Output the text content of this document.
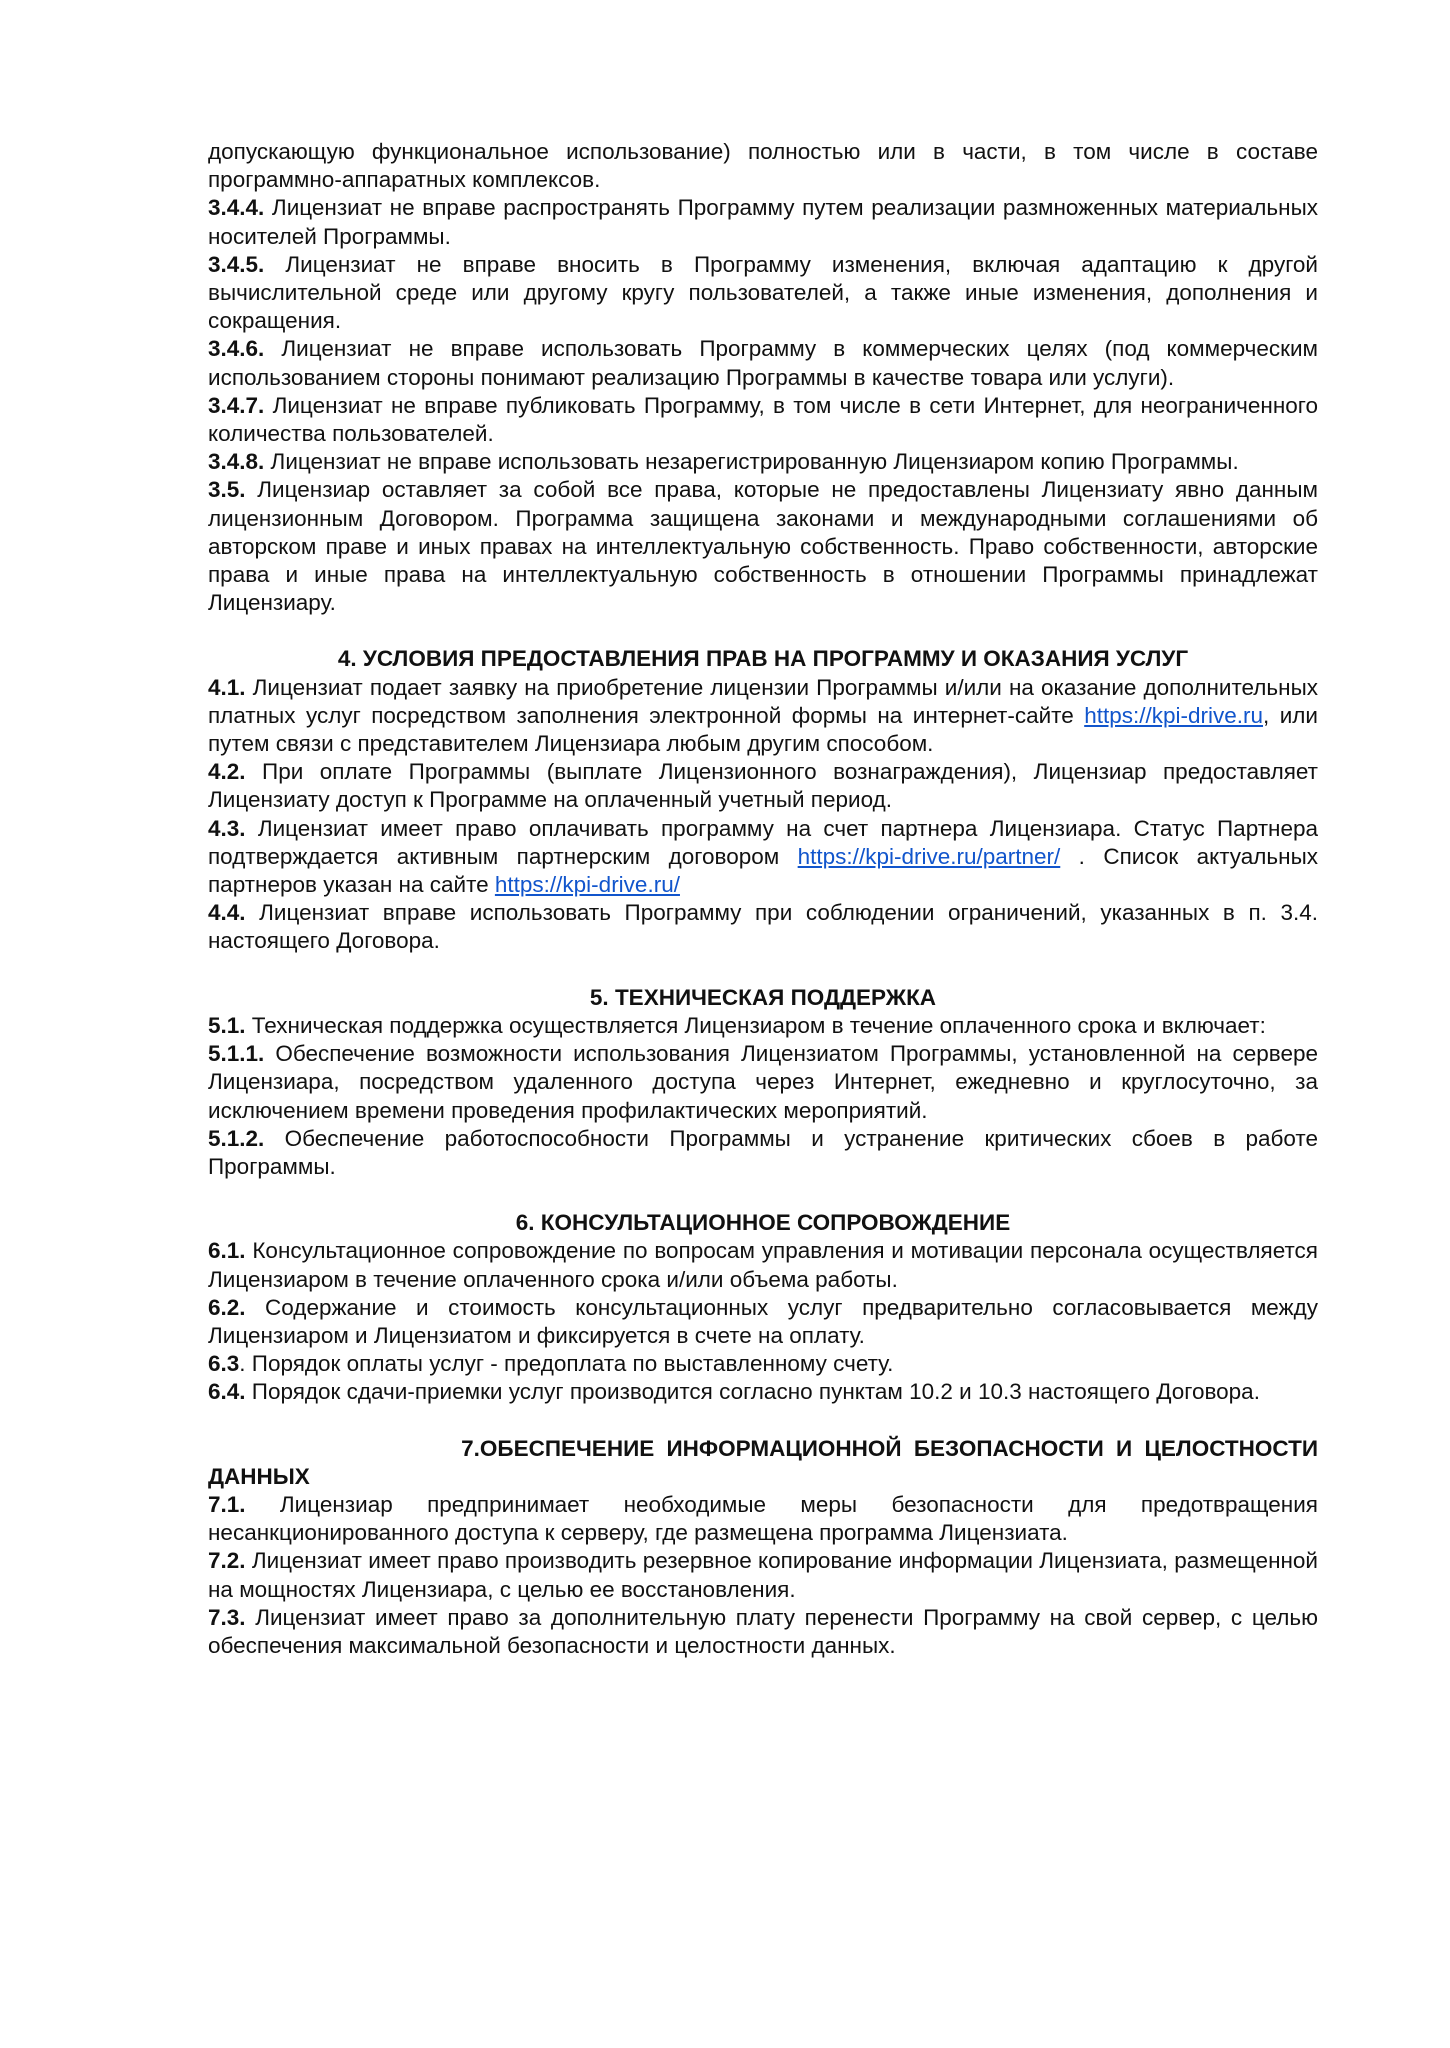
допускающую функциональное использование) полностью или в части, в том числе в составе программно-аппаратных комплексов.

3.4.4. Лицензиат не вправе распространять Программу путем реализации размноженных материальных носителей Программы.

3.4.5. Лицензиат не вправе вносить в Программу изменения, включая адаптацию к другой вычислительной среде или другому кругу пользователей, а также иные изменения, дополнения и сокращения.

3.4.6. Лицензиат не вправе использовать Программу в коммерческих целях (под коммерческим использованием стороны понимают реализацию Программы в качестве товара или услуги).

3.4.7. Лицензиат не вправе публиковать Программу, в том числе в сети Интернет, для неограниченного количества пользователей.

3.4.8. Лицензиат не вправе использовать незарегистрированную Лицензиаром копию Программы.

3.5. Лицензиар оставляет за собой все права, которые не предоставлены Лицензиату явно данным лицензионным Договором. Программа защищена законами и международными соглашениями об авторском праве и иных правах на интеллектуальную собственность. Право собственности, авторские права и иные права на интеллектуальную собственность в отношении Программы принадлежат Лицензиару.

4. УСЛОВИЯ ПРЕДОСТАВЛЕНИЯ ПРАВ НА ПРОГРАММУ И ОКАЗАНИЯ УСЛУГ

4.1. Лицензиат подает заявку на приобретение лицензии Программы и/или на оказание дополнительных платных услуг посредством заполнения электронной формы на интернет-сайте https://kpi-drive.ru, или путем связи с представителем Лицензиара любым другим способом.

4.2. При оплате Программы (выплате Лицензионного вознаграждения), Лицензиар предоставляет Лицензиату доступ к Программе на оплаченный учетный период.

4.3. Лицензиат имеет право оплачивать программу на счет партнера Лицензиара. Статус Партнера подтверждается активным партнерским договором https://kpi-drive.ru/partner/ . Список актуальных партнеров указан на сайте https://kpi-drive.ru/

4.4. Лицензиат вправе использовать Программу при соблюдении ограничений, указанных в п. 3.4. настоящего Договора.

5. ТЕХНИЧЕСКАЯ ПОДДЕРЖКА

5.1. Техническая поддержка осуществляется Лицензиаром в течение оплаченного срока и включает:

5.1.1. Обеспечение возможности использования Лицензиатом Программы, установленной на сервере Лицензиара, посредством удаленного доступа через Интернет, ежедневно и круглосуточно, за исключением времени проведения профилактических мероприятий.

5.1.2. Обеспечение работоспособности Программы и устранение критических сбоев в работе Программы.

6. КОНСУЛЬТАЦИОННОЕ СОПРОВОЖДЕНИЕ

6.1. Консультационное сопровождение по вопросам управления и мотивации персонала осуществляется Лицензиаром в течение оплаченного срока и/или объема работы.

6.2. Содержание и стоимость консультационных услуг предварительно согласовывается между Лицензиаром и Лицензиатом и фиксируется в счете на оплату.

6.3. Порядок оплаты услуг - предоплата по выставленному счету.

6.4. Порядок сдачи-приемки услуг производится согласно пунктам 10.2 и 10.3 настоящего Договора.

7.ОБЕСПЕЧЕНИЕ ИНФОРМАЦИОННОЙ БЕЗОПАСНОСТИ И ЦЕЛОСТНОСТИ
ДАННЫХ

7.1. Лицензиар предпринимает необходимые меры безопасности для предотвращения несанкционированного доступа к серверу, где размещена программа Лицензиата.

7.2. Лицензиат имеет право производить резервное копирование информации Лицензиата, размещенной на мощностях Лицензиара, с целью ее восстановления.

7.3. Лицензиат имеет право за дополнительную плату перенести Программу на свой сервер, с целью обеспечения максимальной безопасности и целостности данных.
